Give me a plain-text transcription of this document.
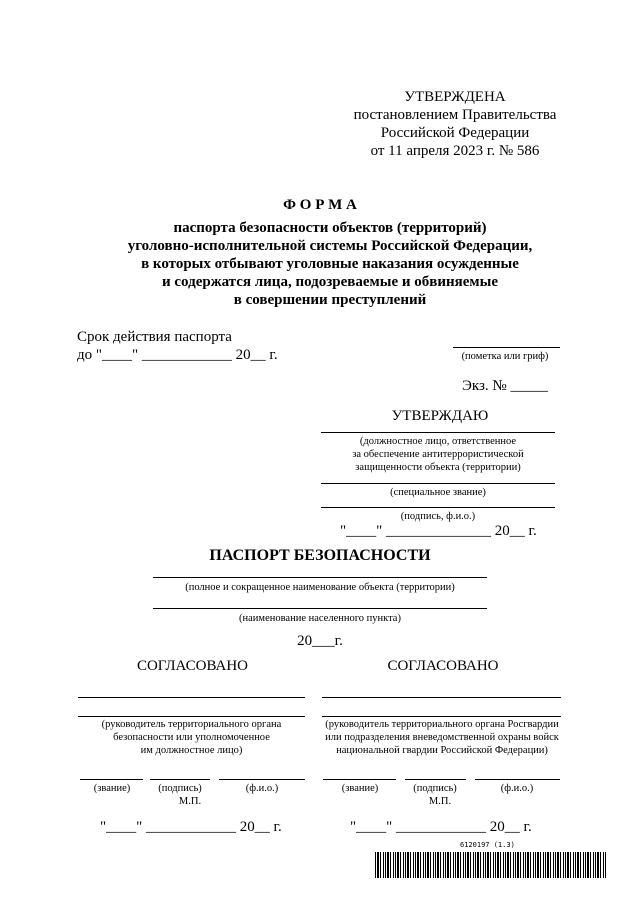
УТВЕРЖДЕНА
постановлением Правительства
Российской Федерации
от 11 апреля 2023 г. № 586
Ф О Р М А
паспорта безопасности объектов (территорий)
уголовно-исполнительной системы Российской Федерации,
в которых отбывают уголовные наказания осужденные
и содержатся лица, подозреваемые и обвиняемые
в совершении преступлений
Срок действия паспорта
до "____" ____________ 20__ г.	(пометка или гриф)
Экз. № _____
УТВЕРЖДАЮ
(должностное лицо, ответственное
за обеспечение антитеррористической
защищенности объекта (территории)
(специальное звание)
(подпись, ф.и.о.)
"____" ______________ 20__ г.
ПАСПОРТ БЕЗОПАСНОСТИ
(полное и сокращенное наименование объекта (территории)
(наименование населенного пункта)
20___г.
СОГЛАСОВАНО
(руководитель территориального органа
безопасности или уполномоченное
им должностное лицо)
(звание)	(подпись)	(ф.и.о.)
М.П.
"____" ____________ 20__ г.
СОГЛАСОВАНО
(руководитель территориального органа Росгвардии
или подразделения вневедомственной охраны войск
национальной гвардии Российской Федерации)
(звание)	(подпись)	(ф.и.о.)
М.П.
"____" ____________ 20__ г.
6120197 (1.3)
